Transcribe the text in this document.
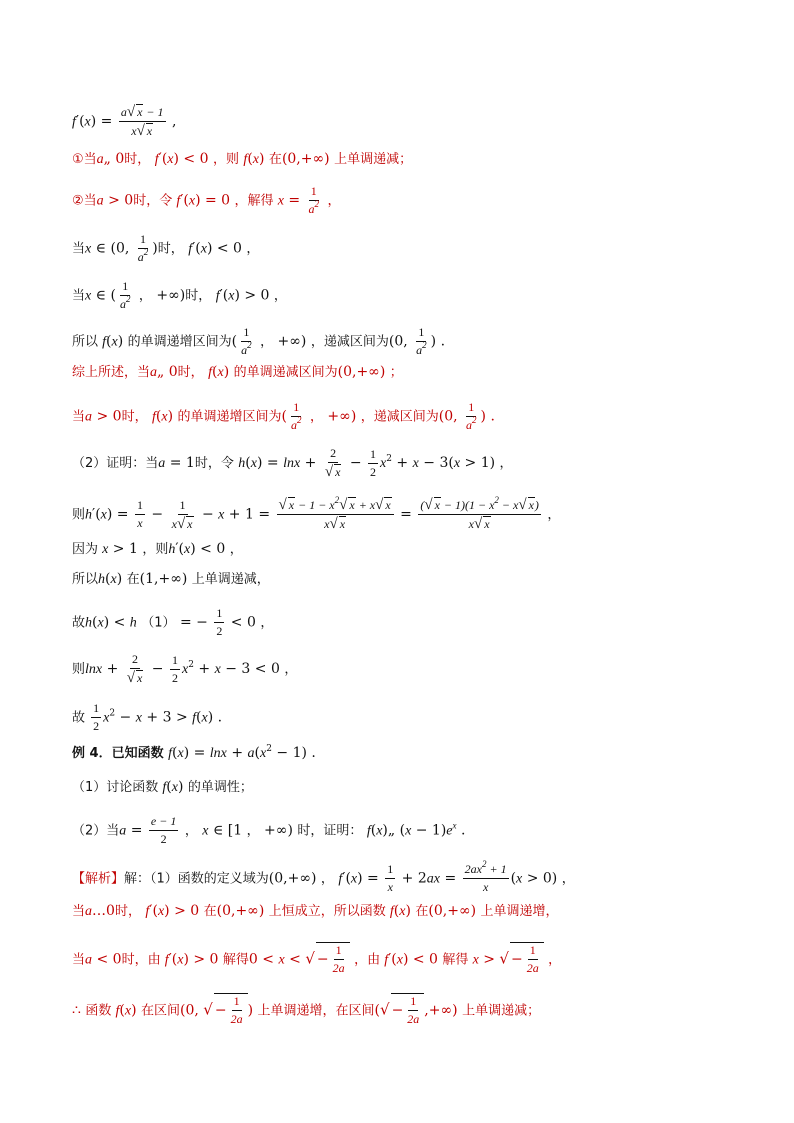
$f'(x) = \frac{a√ x - 1}{x√ x}$ ,
①当a„ 0时， f′(x) < 0 ，则 f(x) 在(0,+∞) 上单调递减；
②当a > 0时，令 f′(x) = 0 ，解得 $x = \frac{1}{a^2}$ ，
当x ∈ (0, $\frac{1}{a^2}$ )时， f′(x) < 0 ，
当x ∈ ( $\frac{1}{a^2}$ ， +∞)时， f′(x) > 0 ，
所以 f(x) 的单调递增区间为( $\frac{1}{a^2}$ ， +∞) ，递减区间为(0, $\frac{1}{a^2}$ ) .
综上所述，当a„ 0时， f(x) 的单调递减区间为(0,+∞) ；
当a > 0时， f(x) 的单调递增区间为( $\frac{1}{a^2}$ ， +∞) ，递减区间为(0, $\frac{1}{a^2}$ ) .
（2）证明：当a = 1时，令 $h(x) = \ln x + \frac{2}{√ x} - \frac{1}{2} x^2 + x - 3(x > 1)$ ，
则$h'(x) = \frac{1}{x} - \frac{1}{x√ x} - x + 1 = \frac{√ x - 1 - x^2√ x + x√ x}{x√ x} = \frac{(√ x - 1)(1 - x^2 - x√ x)}{x√ x}$ ，
因为 x > 1 ，则h′(x) < 0 ，
所以h(x) 在(1,+∞) 上单调递减，
故h(x) < h （1） = − $\frac{1}{2} < 0$ ，
则$\ln x + \frac{2}{√ x} - \frac{1}{2} x^2 + x - 3 < 0$ ，
故 $\frac{1}{2} x^2 - x + 3 > f(x)$ .
例 4．已知函数 $f(x) = \ln x + a(x^2 - 1)$ .
（1）讨论函数 f(x) 的单调性；
（2）当$a = \frac{e - 1}{2}$ ， x ∈ [1 ， +∞) 时，证明： f(x)„ $(x - 1)e^x$ .
【解析】解：（1）函数的定义域为(0,+∞) ， $f'(x) = \frac{1}{x} + 2ax = \frac{2ax^2 + 1}{x} (x > 0)$ ，
当a…0时， f′(x) > 0 在(0,+∞) 上恒成立，所以函数 f(x) 在(0,+∞) 上单调递增，
当a < 0时，由 f′(x) > 0 解得0 < x < √ − $\frac{1}{2a}$ ，由 f′(x) < 0 解得 x > √ − $\frac{1}{2a}$ ，
∴ 函数 f(x) 在区间(0, √ − $\frac{1}{2a}$ ) 上单调递增，在区间(√ − $\frac{1}{2a}$ ,+∞) 上单调递减；
